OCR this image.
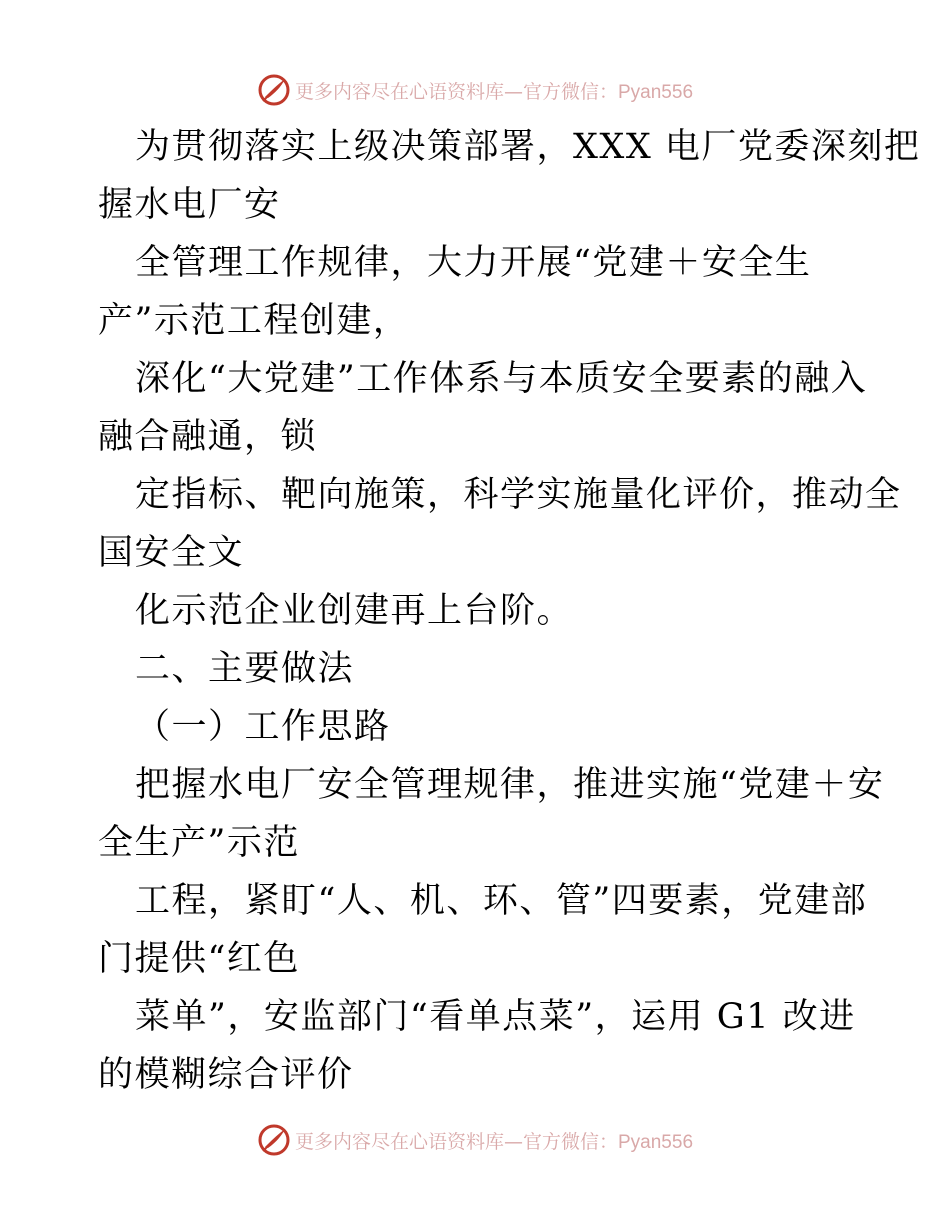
更多内容尽在心语资料库—官方微信：Pyan556
为贯彻落实上级决策部署，XXX 电厂党委深刻把
握水电厂安
全管理工作规律，大力开展“党建＋安全生
产”示范工程创建，
深化“大党建”工作体系与本质安全要素的融入
融合融通，锁
定指标、靶向施策，科学实施量化评价，推动全
国安全文
化示范企业创建再上台阶。
二、主要做法
（一）工作思路
把握水电厂安全管理规律，推进实施“党建＋安
全生产”示范
工程，紧盯“人、机、环、管”四要素，党建部
门提供“红色
菜单”，安监部门“看单点菜”，运用 G1 改进
的模糊综合评价
更多内容尽在心语资料库—官方微信：Pyan556
